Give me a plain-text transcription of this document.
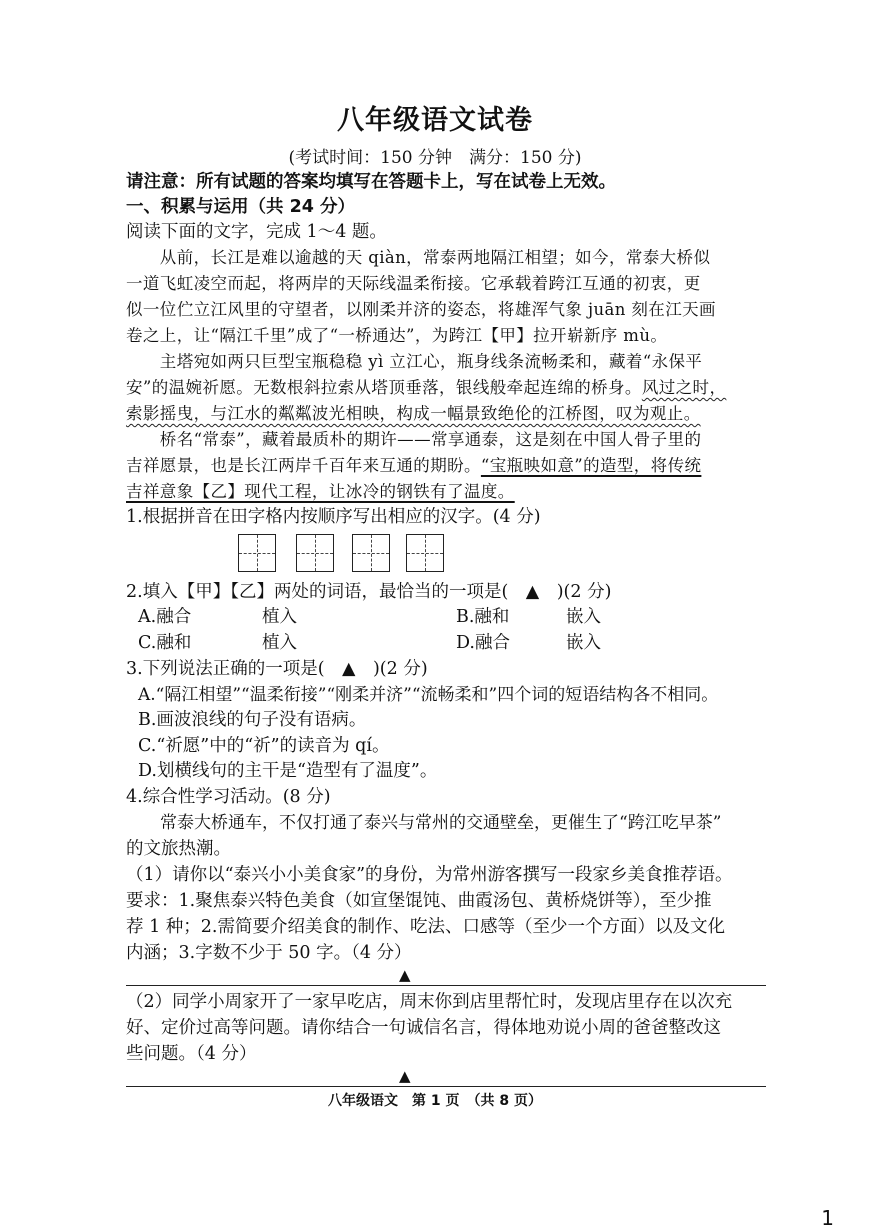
八年级语文试卷
(考试时间：150 分钟　满分：150 分)
请注意：所有试题的答案均填写在答题卡上，写在试卷上无效。
一、积累与运用（共 24 分）
阅读下面的文字，完成 1～4 题。
　　从前，长江是难以逾越的天 qiàn，常泰两地隔江相望；如今，常泰大桥似
一道飞虹凌空而起，将两岸的天际线温柔衔接。它承载着跨江互通的初衷，更
似一位伫立江风里的守望者，以刚柔并济的姿态，将雄浑气象 juān 刻在江天画
卷之上，让“隔江千里”成了“一桥通达”，为跨江【甲】拉开崭新序 mù。
　　主塔宛如两只巨型宝瓶稳稳 yì 立江心，瓶身线条流畅柔和，藏着“永保平
安”的温婉祈愿。无数根斜拉索从塔顶垂落，银线般牵起连绵的桥身。风过之时，
索影摇曳，与江水的粼粼波光相映，构成一幅景致绝伦的江桥图，叹为观止。
　　桥名“常泰”，藏着最质朴的期许——常享通泰，这是刻在中国人骨子里的
吉祥愿景，也是长江两岸千百年来互通的期盼。“宝瓶映如意”的造型，将传统
吉祥意象【乙】现代工程，让冰冷的钢铁有了温度。
1.根据拼音在田字格内按顺序写出相应的汉字。(4 分)
2.填入【甲】【乙】两处的词语，最恰当的一项是(　▲　)(2 分)
A.融合	植入	B.融和	嵌入
C.融和	植入	D.融合	嵌入
3.下列说法正确的一项是(　▲　)(2 分)
A.“隔江相望”“温柔衔接”“刚柔并济”“流畅柔和”四个词的短语结构各不相同。
B.画波浪线的句子没有语病。
C.“祈愿”中的“祈”的读音为 qí。
D.划横线句的主干是“造型有了温度”。
4.综合性学习活动。(8 分)
　　常泰大桥通车，不仅打通了泰兴与常州的交通壁垒，更催生了“跨江吃早茶”
的文旅热潮。
（1）请你以“泰兴小小美食家”的身份，为常州游客撰写一段家乡美食推荐语。
要求：1.聚焦泰兴特色美食（如宣堡馄饨、曲霞汤包、黄桥烧饼等），至少推
荐 1 种；2.需简要介绍美食的制作、吃法、口感等（至少一个方面）以及文化
内涵；3.字数不少于 50 字。（4 分）
▲
（2）同学小周家开了一家早吃店，周末你到店里帮忙时，发现店里存在以次充
好、定价过高等问题。请你结合一句诚信名言，得体地劝说小周的爸爸整改这
些问题。（4 分）
▲
八年级语文　第 1 页　（共 8 页）
1
